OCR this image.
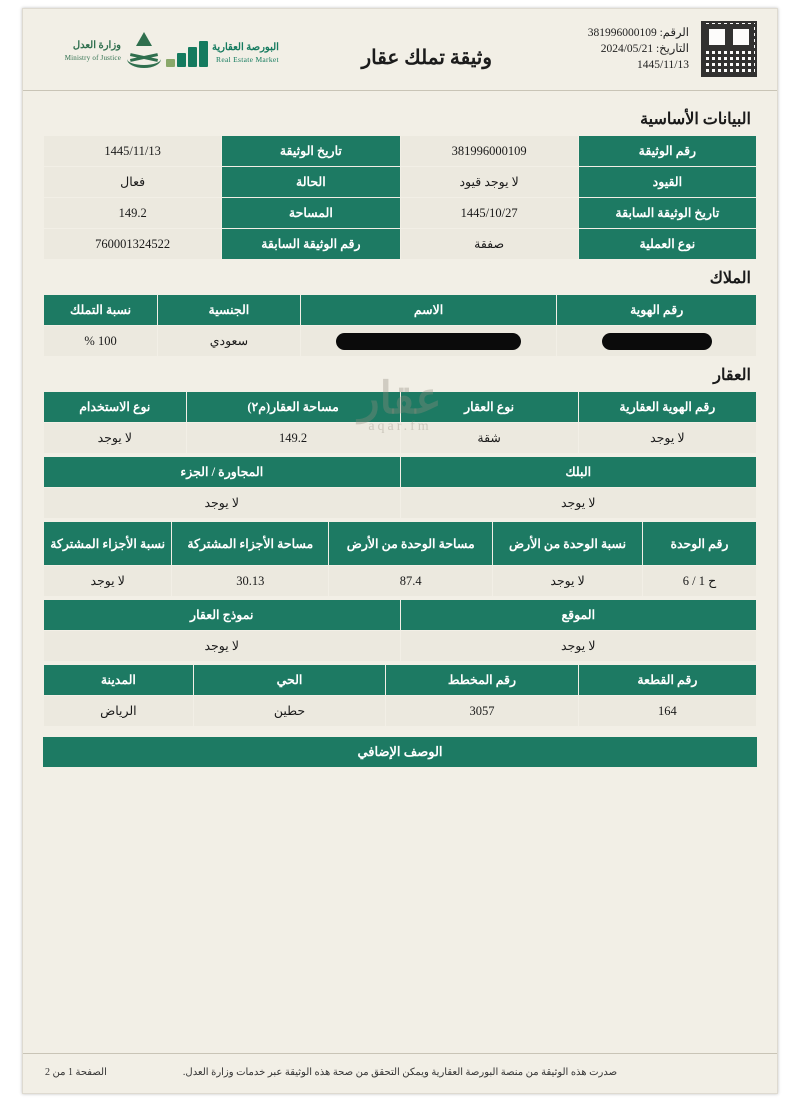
الرقم: 381996000109
التاريخ: 2024/05/21
1445/11/13
وثيقة تملك عقار
البورصة العقارية
Real Estate Market
وزارة العدل
Ministry of Justice
عقار
aqar.fm
البيانات الأساسية
رقم الوثيقة	381996000109	تاريخ الوثيقة	1445/11/13
القيود	لا يوجد قيود	الحالة	فعال
تاريخ الوثيقة السابقة	1445/10/27	المساحة	149.2
نوع العملية	صفقة	رقم الوثيقة السابقة	760001324522
الملاك
رقم الهوية	الاسم	الجنسية	نسبة التملك
		سعودي	100 %
العقار
رقم الهوية العقارية	نوع العقار	مساحة العقار(م٢)	نوع الاستخدام
لا يوجد	شقة	149.2	لا يوجد
البلك	المجاورة / الجزء
لا يوجد	لا يوجد
رقم الوحدة	نسبة الوحدة من الأرض	مساحة الوحدة من الأرض	مساحة الأجزاء المشتركة	نسبة الأجزاء المشتركة
ح 1 / 6	لا يوجد	87.4	30.13	لا يوجد
الموقع	نموذج العقار
لا يوجد	لا يوجد
رقم القطعة	رقم المخطط	الحي	المدينة
164	3057	حطين	الرياض
الوصف الإضافي
صدرت هذه الوثيقة من منصة البورصة العقارية ويمكن التحقق من صحة هذه الوثيقة عبر خدمات وزارة العدل.
الصفحة 1 من 2
